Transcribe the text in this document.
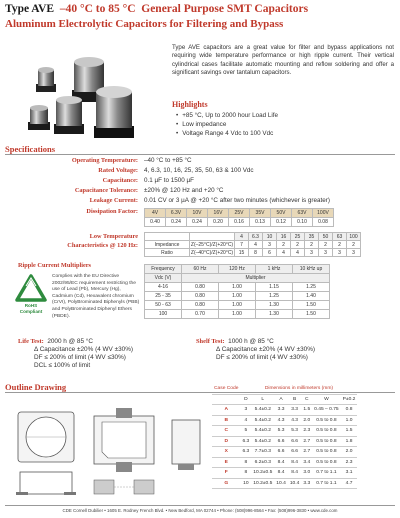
Type AVE –40 °C to 85 °C General Purpose SMT Capacitors
Aluminum Electrolytic Capacitors for Filtering and Bypass
Type AVE capacitors are a great value for filter and bypass applications not requiring wide temperature performance or high ripple current. Their vertical cylindrical cases facilitate automatic mounting and reflow soldering and offer a significant savings over tantalum capacitors.
Highlights
• +85 °C, Up to 2000 hour Load Life
• Low impedance
• Voltage Range 4 Vdc to 100 Vdc
Specifications
Operating Temperature: –40 °C to +85 °C
Rated Voltage: 4, 6.3, 10, 16, 25, 35, 50, 63 & 100 Vdc
Capacitance: 0.1 µF to 1500 µF
Capacitance Tolerance: ±20% @ 120 Hz and +20 °C
Leakage Current: 0.01 CV or 3 µA @ +20 °C after two minutes (whichever is greater)
Dissipation Factor:	4V	6.3V	10V	16V	25V	35V	50V	63V	100V
0.40	0.24	0.24	0.20	0.16	0.13	0.12	0.10	0.08
Low Temperature
Characteristics @ 120 Hz:
		4	6.3	10	16	25	35	50	63	100
Impedance	Z(–25°C)/Z(+20°C)	7	4	3	2	2	2	2	2	2
Ratio	Z(–40°C)/Z(+20°C)	15	8	6	4	4	3	3	3	3
Ripple Current Multipliers	Frequency	60 Hz	120 Hz	1 kHz	10 kHz up
Vdc (V)	Multiplier			
4-16	0.80	1.00	1.15	1.25
25 - 35	0.80	1.00	1.25	1.40
50 - 63	0.80	1.00	1.30	1.50
100	0.70	1.00	1.30	1.50
RoHS Compliant
Complies with the EU Directive 2002/95/EC requirement restricting the use of Lead (Pb), Mercury (Hg), Cadmium (Cd), Hexavalent chromium (CrVI), PolyBrominated Biphenyls (PBB) and PolyBrominated Diphenyl Ethers (PBDE).
Life Test: 2000 h @ 85 °C
Δ Capacitance ±20% (4 WV ±30%)
DF ≤ 200% of limit (4 WV ≤30%)
DCL ≤ 100% of limit
Shelf Test: 1000 h @ 85 °C
Δ Capacitance ±20% (4 WV ±30%)
DF ≤ 200% of limit (4 WV ±30%)
Outline Drawing	Case Code	Dimensions in millimeters (mm)						
	D	L	A	B	C	W	P±0.2
A	3	5.4±0.2	3.3	3.3	1.5	0.45 – 0.75	0.8
B	4	5.4±0.2	4.3	4.3	2.0	0.5 to 0.8	1.0
C	5	5.4±0.2	5.3	5.3	2.3	0.5 to 0.8	1.5
D	6.3	5.4±0.2	6.6	6.6	2.7	0.5 to 0.8	1.8
X	6.3	7.7±0.3	6.6	6.6	2.7	0.5 to 0.8	2.0
E	8	6.2±0.3	8.4	8.4	3.4	0.5 to 0.8	2.3
F	8	10.2±0.5	8.4	8.4	3.0	0.7 to 1.1	3.1
G	10	10.2±0.5	10.4	10.4	3.3	0.7 to 1.1	4.7
CDE Cornell Dubilier • 1605 E. Rodney French Blvd. • New Bedford, MA 02744 • Phone: (508)996-8564 • Fax: (508)996-3830 • www.cde.com
